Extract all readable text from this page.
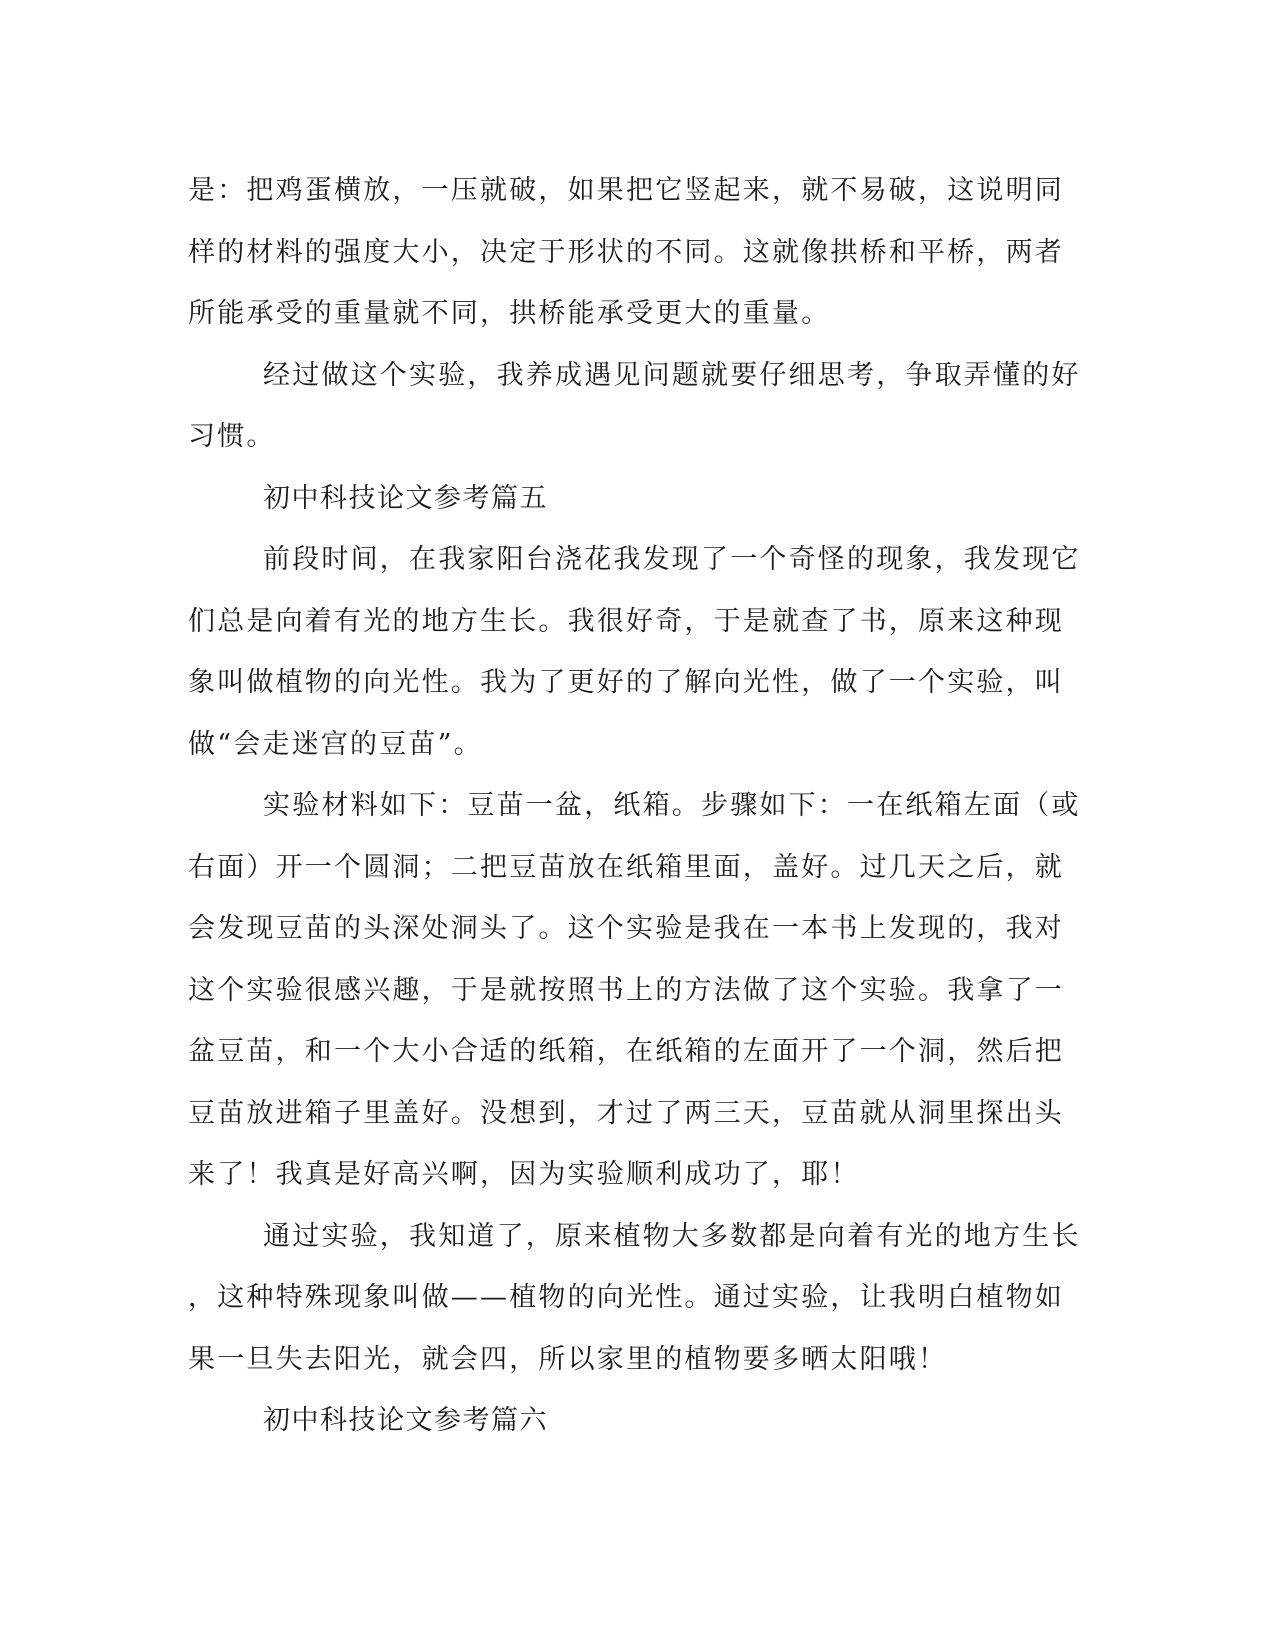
是：把鸡蛋横放，一压就破，如果把它竖起来，就不易破，这说明同
样的材料的强度大小，决定于形状的不同。这就像拱桥和平桥，两者
所能承受的重量就不同，拱桥能承受更大的重量。
经过做这个实验，我养成遇见问题就要仔细思考，争取弄懂的好
习惯。
初中科技论文参考篇五
前段时间，在我家阳台浇花我发现了一个奇怪的现象，我发现它
们总是向着有光的地方生长。我很好奇，于是就查了书，原来这种现
象叫做植物的向光性。我为了更好的了解向光性，做了一个实验，叫
做“会走迷宫的豆苗”。
实验材料如下：豆苗一盆，纸箱。步骤如下：一在纸箱左面（或
右面）开一个圆洞；二把豆苗放在纸箱里面，盖好。过几天之后，就
会发现豆苗的头深处洞头了。这个实验是我在一本书上发现的，我对
这个实验很感兴趣，于是就按照书上的方法做了这个实验。我拿了一
盆豆苗，和一个大小合适的纸箱，在纸箱的左面开了一个洞，然后把
豆苗放进箱子里盖好。没想到，才过了两三天，豆苗就从洞里探出头
来了！我真是好高兴啊，因为实验顺利成功了，耶！
通过实验，我知道了，原来植物大多数都是向着有光的地方生长
，这种特殊现象叫做——植物的向光性。通过实验，让我明白植物如
果一旦失去阳光，就会四，所以家里的植物要多晒太阳哦！
初中科技论文参考篇六
